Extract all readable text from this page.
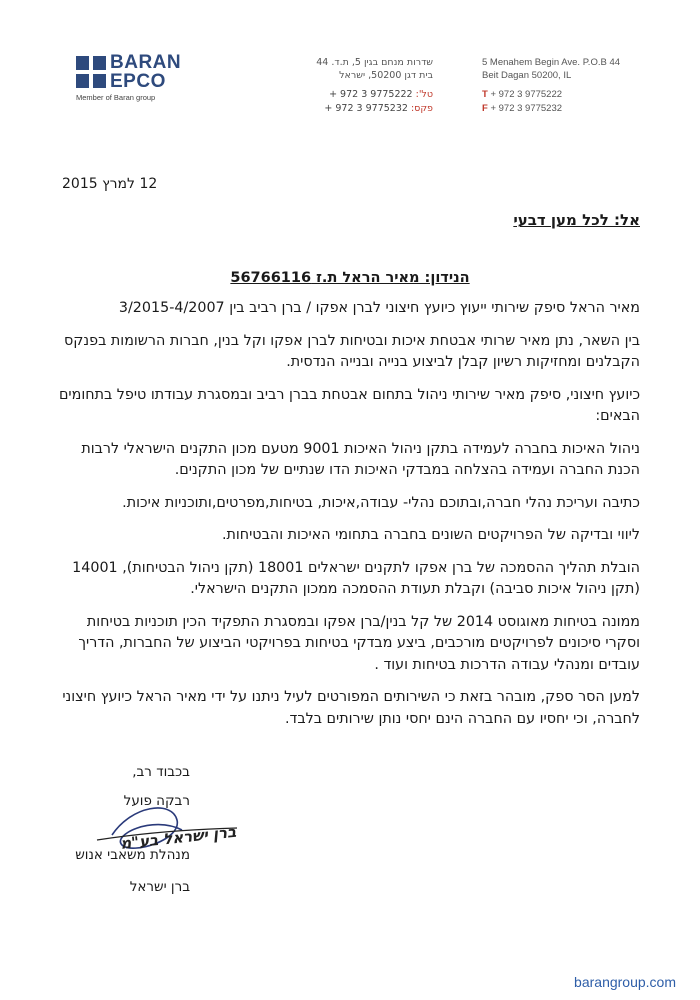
BARAN
EPCO
Member of Baran group
שדרות מנחם בגין 5, ת.ד. 44
בית דגן 50200, ישראל
5 Menahem Begin Ave. P.O.B 44
Beit Dagan 50200, IL
טל': + 972 3 9775222
פקס: + 972 3 9775232
T + 972 3 9775222
F + 972 3 9775232
12 למרץ 2015
אל: לכל מען דבעי
הנידון: מאיר הראל ת.ז 56766116

מאיר הראל סיפק שירותי ייעוץ כיועץ חיצוני לברן אפקו / ברן רביב בין 3/2015-4/2007

בין השאר, נתן מאיר שרותי אבטחת איכות ובטיחות לברן אפקו וקל בנין, חברות הרשומות בפנקס הקבלנים ומחזיקות רשיון קבלן לביצוע בנייה ובנייה הנדסית.

כיועץ חיצוני, סיפק מאיר שירותי ניהול בתחום אבטחת בברן רביב ובמסגרת עבודתו טיפל בתחומים הבאים:

ניהול האיכות בחברה לעמידה בתקן ניהול האיכות 9001 מטעם מכון התקנים הישראלי לרבות הכנת החברה ועמידה בהצלחה במבדקי האיכות הדו שנתיים של מכון התקנים.

כתיבה ועריכת נהלי חברה,ובתוכם נהלי- עבודה,איכות, בטיחות,מפרטים,ותוכניות איכות.

ליווי ובדיקה של הפרויקטים השונים בחברה בתחומי האיכות והבטיחות.

הובלת תהליך ההסמכה של ברן אפקו לתקנים ישראלים 18001 (תקן ניהול הבטיחות), 14001 (תקן ניהול איכות סביבה) וקבלת תעודת ההסמכה ממכון התקנים הישראלי.

ממונה בטיחות מאוגוסט 2014 של קל בנין/ברן אפקו ובמסגרת התפקיד הכין תוכניות בטיחות וסקרי סיכונים לפרויקטים מורכבים, ביצע מבדקי בטיחות בפרויקטי הביצוע של החברות, הדריך עובדים ומנהלי עבודה הדרכות בטיחות ועוד .

למען הסר ספק, מובהר בזאת כי השירותים המפורטים לעיל ניתנו על ידי מאיר הראל כיועץ חיצוני לחברה, וכי יחסיו עם החברה הינם יחסי נותן שירותים בלבד.

בכבוד רב,
רבקה פועל
ברן ישראל בע"מ
מנהלת משאבי אנוש
ברן ישראל
barangroup.com
